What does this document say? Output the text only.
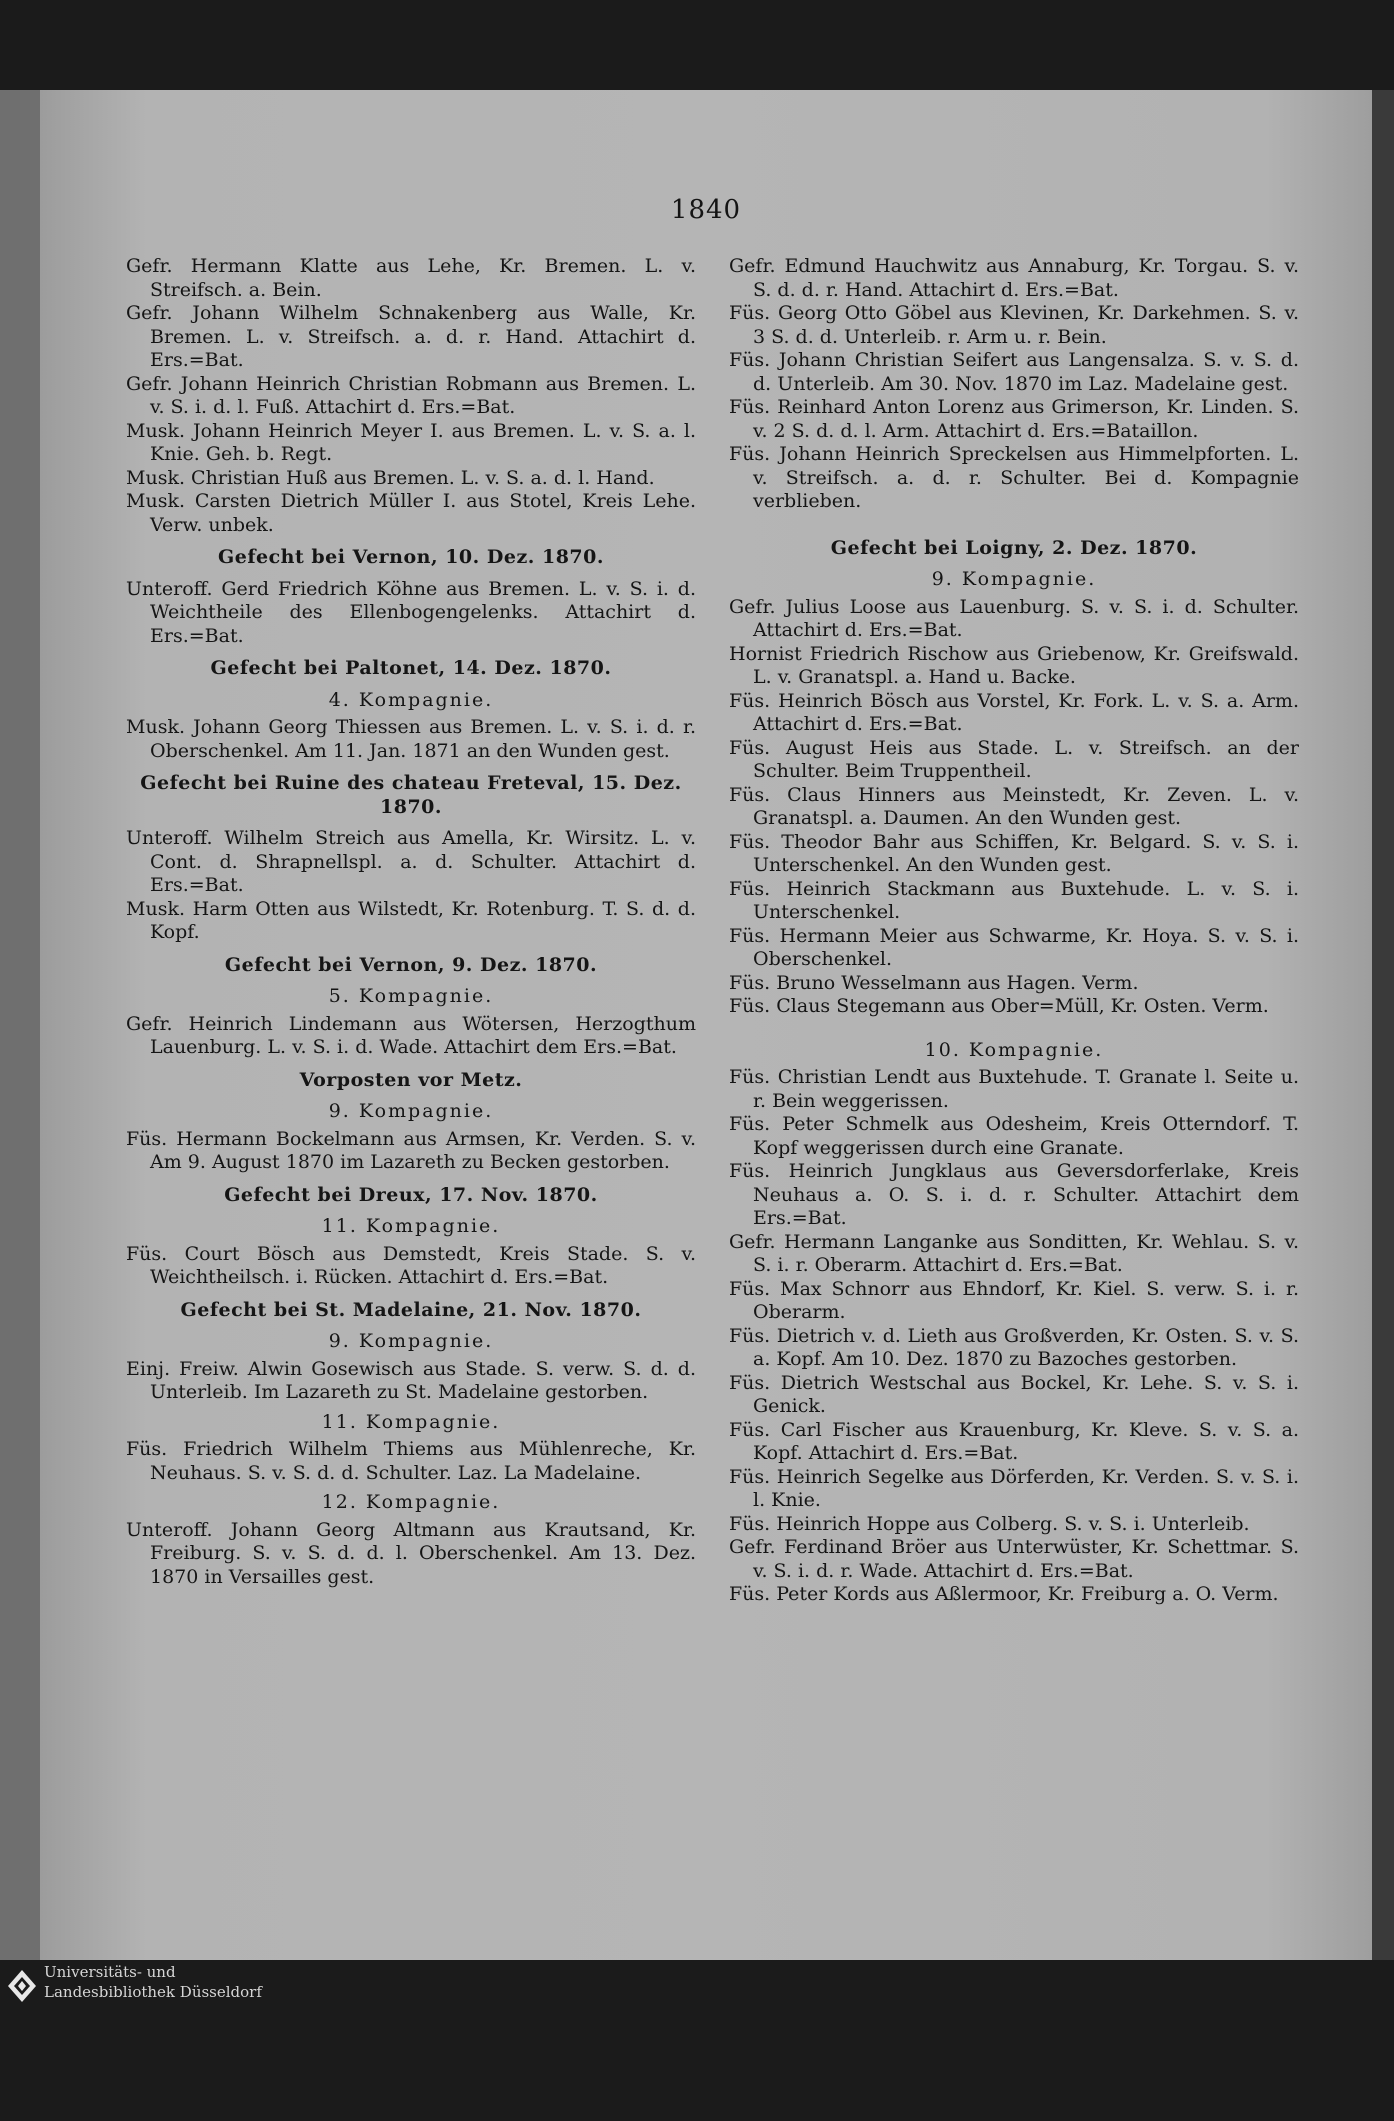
1840
Gefr. Hermann Klatte aus Lehe, Kr. Bremen. L. v. Streifsch. a. Bein.
Gefr. Johann Wilhelm Schnakenberg aus Walle, Kr. Bremen. L. v. Streifsch. a. d. r. Hand. Attachirt d. Ers.=Bat.
Gefr. Johann Heinrich Christian Robmann aus Bremen. L. v. S. i. d. l. Fuß. Attachirt d. Ers.=Bat.
Musk. Johann Heinrich Meyer I. aus Bremen. L. v. S. a. l. Knie. Geh. b. Regt.
Musk. Christian Huß aus Bremen. L. v. S. a. d. l. Hand.
Musk. Carsten Dietrich Müller I. aus Stotel, Kreis Lehe. Verw. unbek.
Gefecht bei Vernon, 10. Dez. 1870.
Unteroff. Gerd Friedrich Köhne aus Bremen. L. v. S. i. d. Weichtheile des Ellenbogengelenks. Attachirt d. Ers.=Bat.
Gefecht bei Paltonet, 14. Dez. 1870.
4. Kompagnie.
Musk. Johann Georg Thiessen aus Bremen. L. v. S. i. d. r. Oberschenkel. Am 11. Jan. 1871 an den Wunden gest.
Gefecht bei Ruine des chateau Freteval, 15. Dez. 1870.
Unteroff. Wilhelm Streich aus Amella, Kr. Wirsitz. L. v. Cont. d. Shrapnellspl. a. d. Schulter. Attachirt d. Ers.=Bat.
Musk. Harm Otten aus Wilstedt, Kr. Rotenburg. T. S. d. d. Kopf.
Gefecht bei Vernon, 9. Dez. 1870.
5. Kompagnie.
Gefr. Heinrich Lindemann aus Wötersen, Herzogthum Lauenburg. L. v. S. i. d. Wade. Attachirt dem Ers.=Bat.
Vorposten vor Metz.
9. Kompagnie.
Füs. Hermann Bockelmann aus Armsen, Kr. Verden. S. v. Am 9. August 1870 im Lazareth zu Becken gestorben.
Gefecht bei Dreux, 17. Nov. 1870.
11. Kompagnie.
Füs. Court Bösch aus Demstedt, Kreis Stade. S. v. Weichtheilsch. i. Rücken. Attachirt d. Ers.=Bat.
Gefecht bei St. Madelaine, 21. Nov. 1870.
9. Kompagnie.
Einj. Freiw. Alwin Gosewisch aus Stade. S. verw. S. d. d. Unterleib. Im Lazareth zu St. Madelaine gestorben.
11. Kompagnie.
Füs. Friedrich Wilhelm Thiems aus Mühlenreche, Kr. Neuhaus. S. v. S. d. d. Schulter. Laz. La Madelaine.
12. Kompagnie.
Unteroff. Johann Georg Altmann aus Krautsand, Kr. Freiburg. S. v. S. d. d. l. Oberschenkel. Am 13. Dez. 1870 in Versailles gest.
Gefr. Edmund Hauchwitz aus Annaburg, Kr. Torgau. S. v. S. d. d. r. Hand. Attachirt d. Ers.=Bat.
Füs. Georg Otto Göbel aus Klevinen, Kr. Darkehmen. S. v. 3 S. d. d. Unterleib. r. Arm u. r. Bein.
Füs. Johann Christian Seifert aus Langensalza. S. v. S. d. d. Unterleib. Am 30. Nov. 1870 im Laz. Madelaine gest.
Füs. Reinhard Anton Lorenz aus Grimerson, Kr. Linden. S. v. 2 S. d. d. l. Arm. Attachirt d. Ers.=Bataillon.
Füs. Johann Heinrich Spreckelsen aus Himmelpforten. L. v. Streifsch. a. d. r. Schulter. Bei d. Kompagnie verblieben.
Gefecht bei Loigny, 2. Dez. 1870.
9. Kompagnie.
Gefr. Julius Loose aus Lauenburg. S. v. S. i. d. Schulter. Attachirt d. Ers.=Bat.
Hornist Friedrich Rischow aus Griebenow, Kr. Greifswald. L. v. Granatspl. a. Hand u. Backe.
Füs. Heinrich Bösch aus Vorstel, Kr. Fork. L. v. S. a. Arm. Attachirt d. Ers.=Bat.
Füs. August Heis aus Stade. L. v. Streifsch. an der Schulter. Beim Truppentheil.
Füs. Claus Hinners aus Meinstedt, Kr. Zeven. L. v. Granatspl. a. Daumen. An den Wunden gest.
Füs. Theodor Bahr aus Schiffen, Kr. Belgard. S. v. S. i. Unterschenkel. An den Wunden gest.
Füs. Heinrich Stackmann aus Buxtehude. L. v. S. i. Unterschenkel.
Füs. Hermann Meier aus Schwarme, Kr. Hoya. S. v. S. i. Oberschenkel.
Füs. Bruno Wesselmann aus Hagen. Verm.
Füs. Claus Stegemann aus Ober=Müll, Kr. Osten. Verm.
10. Kompagnie.
Füs. Christian Lendt aus Buxtehude. T. Granate l. Seite u. r. Bein weggerissen.
Füs. Peter Schmelk aus Odesheim, Kreis Otterndorf. T. Kopf weggerissen durch eine Granate.
Füs. Heinrich Jungklaus aus Geversdorferlake, Kreis Neuhaus a. O. S. i. d. r. Schulter. Attachirt dem Ers.=Bat.
Gefr. Hermann Langanke aus Sonditten, Kr. Wehlau. S. v. S. i. r. Oberarm. Attachirt d. Ers.=Bat.
Füs. Max Schnorr aus Ehndorf, Kr. Kiel. S. verw. S. i. r. Oberarm.
Füs. Dietrich v. d. Lieth aus Großverden, Kr. Osten. S. v. S. a. Kopf. Am 10. Dez. 1870 zu Bazoches gestorben.
Füs. Dietrich Westschal aus Bockel, Kr. Lehe. S. v. S. i. Genick.
Füs. Carl Fischer aus Krauenburg, Kr. Kleve. S. v. S. a. Kopf. Attachirt d. Ers.=Bat.
Füs. Heinrich Segelke aus Dörferden, Kr. Verden. S. v. S. i. l. Knie.
Füs. Heinrich Hoppe aus Colberg. S. v. S. i. Unterleib.
Gefr. Ferdinand Bröer aus Unterwüster, Kr. Schettmar. S. v. S. i. d. r. Wade. Attachirt d. Ers.=Bat.
Füs. Peter Kords aus Aßlermoor, Kr. Freiburg a. O. Verm.
Universitäts- und
Landesbibliothek Düsseldorf
